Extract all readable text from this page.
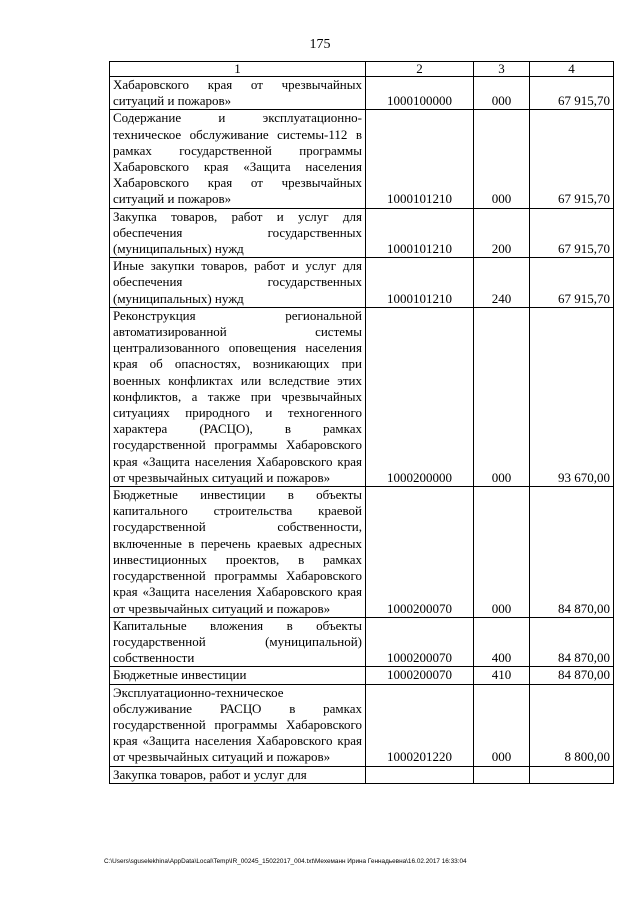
175
1	2	3	4
Хабаровского края от чрезвычайных ситуаций и пожаров»	1000100000	000	67 915,70
Содержание и эксплуатационно-техническое обслуживание системы-112 в рамках государственной программы Хабаровского края «Защита населения Хабаровского края от чрезвычайных ситуаций и пожаров»	1000101210	000	67 915,70
Закупка товаров, работ и услуг для обеспечения государственных (муниципальных) нужд	1000101210	200	67 915,70
Иные закупки товаров, работ и услуг для обеспечения государственных (муниципальных) нужд	1000101210	240	67 915,70
Реконструкция региональной автоматизированной системы централизованного оповещения населения края об опасностях, возникающих при военных конфликтах или вследствие этих конфликтов, а также при чрезвычайных ситуациях природного и техногенного характера (РАСЦО), в рамках государственной программы Хабаровского края «Защита населения Хабаровского края от чрезвычайных ситуаций и пожаров»	1000200000	000	93 670,00
Бюджетные инвестиции в объекты капитального строительства краевой государственной собственности, включенные в перечень краевых адресных инвестиционных проектов, в рамках государственной программы Хабаровского края «Защита населения Хабаровского края от чрезвычайных ситуаций и пожаров»	1000200070	000	84 870,00
Капитальные вложения в объекты государственной (муниципальной) собственности	1000200070	400	84 870,00
Бюджетные инвестиции	1000200070	410	84 870,00
Эксплуатационно-техническое обслуживание РАСЦО в рамках государственной программы Хабаровского края «Защита населения Хабаровского края от чрезвычайных ситуаций и пожаров»	1000201220	000	8 800,00
Закупка товаров, работ и услуг для			
C:\Users\sguselekhina\AppData\Local\Temp\IR_00245_15022017_004.txt\Мехеманн Ирина Геннадьевна\16.02.2017 16:33:04
